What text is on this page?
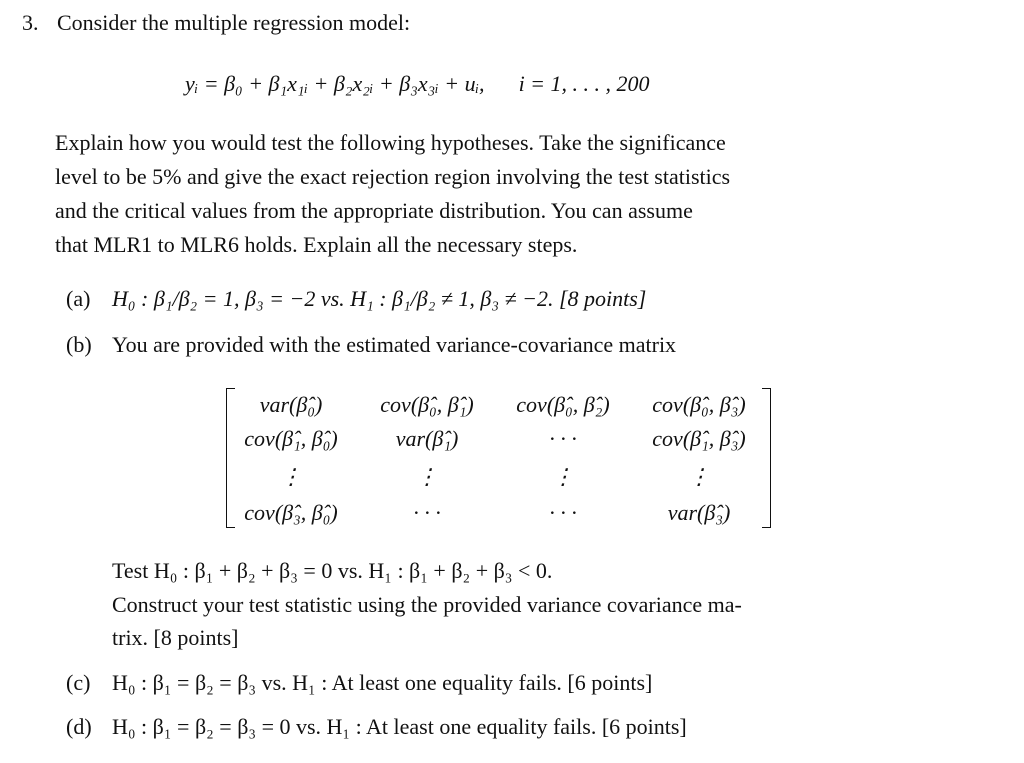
3. Consider the multiple regression model:
yᵢ = β₀ + β₁x₁ᵢ + β₂x₂ᵢ + β₃x₃ᵢ + uᵢ, i = 1, . . . , 200
Explain how you would test the following hypotheses. Take the significance
level to be 5% and give the exact rejection region involving the test statistics
and the critical values from the appropriate distribution. You can assume
that MLR1 to MLR6 holds. Explain all the necessary steps.
(a) H₀ : β₁/β₂ = 1, β₃ = −2 vs. H₁ : β₁/β₂ ≠ 1, β₃ ≠ −2. [8 points]
(b) You are provided with the estimated variance-covariance matrix
var(β̂₀)	cov(β̂₀, β̂₁)	cov(β̂₀, β̂₂)	cov(β̂₀, β̂₃)
cov(β̂₁, β̂₀)	var(β̂₁)	· · ·	cov(β̂₁, β̂₃)
⋮	⋮	⋮	⋮
cov(β̂₃, β̂₀)	· · ·	· · ·	var(β̂₃)
Test H₀ : β₁ + β₂ + β₃ = 0 vs. H₁ : β₁ + β₂ + β₃ < 0.
Construct your test statistic using the provided variance covariance ma-
trix. [8 points]
(c) H₀ : β₁ = β₂ = β₃ vs. H₁ : At least one equality fails. [6 points]
(d) H₀ : β₁ = β₂ = β₃ = 0 vs. H₁ : At least one equality fails. [6 points]
